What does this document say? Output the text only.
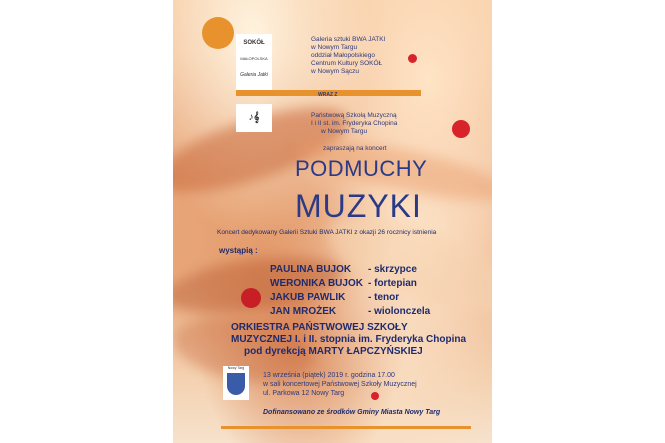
SOKÓŁ
MAŁOPOLSKA
Galeria Jatki
WRAZ Z
♪𝄞
Galeria sztuki BWA JATKI
w Nowym Targu
oddział Małopolskiego
Centrum Kultury SOKÓŁ
w Nowym Sączu
Państwową Szkołą Muzyczną
I i II st. im. Fryderyka Chopina
w Nowym Targu
zapraszają na koncert
PODMUCHY
MUZYKI
Koncert dedykowany Galerii Sztuki BWA JATKI z okazji 26 rocznicy istnienia
wystąpią :
PAULINA BUJOK - skrzypce
WERONIKA BUJOK - fortepian
JAKUB PAWLIK - tenor
JAN MROŻEK	- wiolonczela
ORKIESTRA PAŃSTWOWEJ SZKOŁY
MUZYCZNEJ I. i II. stopnia im. Fryderyka Chopina
pod dyrekcją MARTY ŁAPCZYŃSKIEJ
Nowy Targ
13 września (piątek) 2019 r. godzina 17.00
w sali koncertowej Państwowej Szkoły Muzycznej
ul. Parkowa 12 Nowy Targ
Dofinansowano ze środków Gminy Miasta Nowy Targ
